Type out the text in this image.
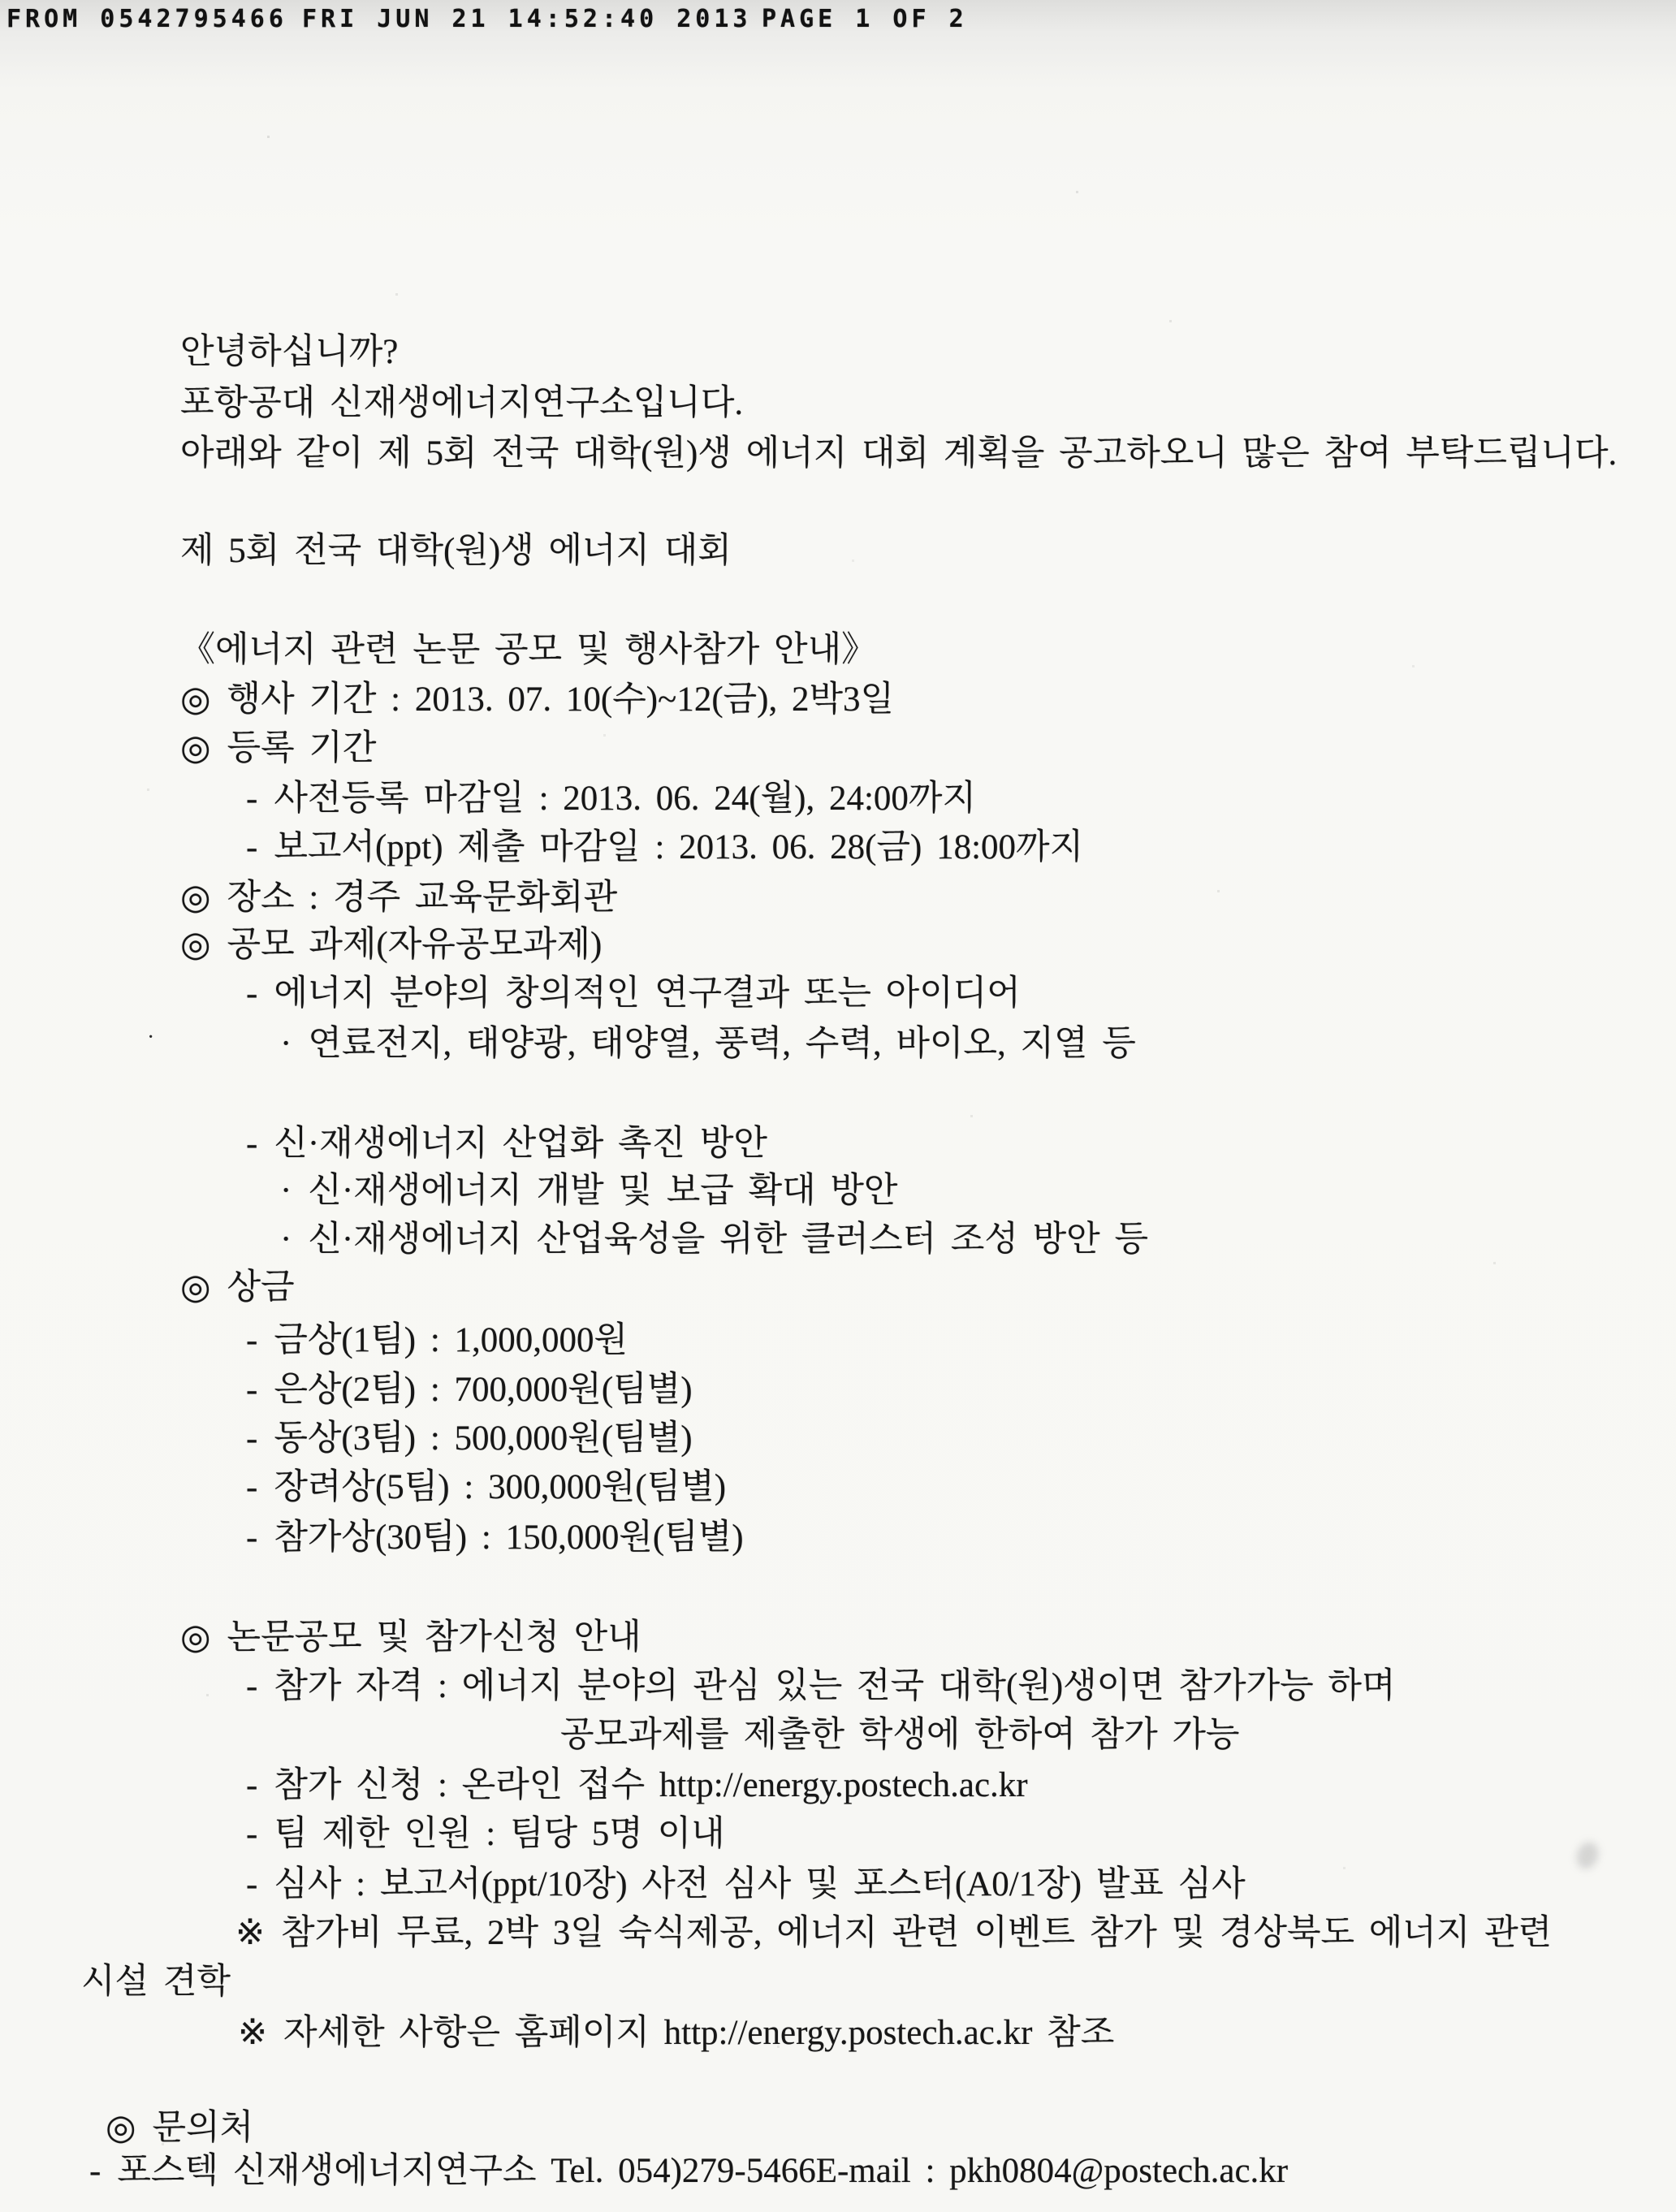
FROM 0542795466 FRI JUN 21 14:52:40 2013 PAGE 1 OF 2
안녕하십니까?
포항공대 신재생에너지연구소입니다.
아래와 같이 제 5회 전국 대학(원)생 에너지 대회 계획을 공고하오니 많은 참여 부탁드립니다.
제 5회 전국 대학(원)생 에너지 대회
《에너지 관련 논문 공모 및 행사참가 안내》
◎ 행사 기간 : 2013. 07. 10(수)~12(금), 2박3일
◎ 등록 기간
- 사전등록 마감일 : 2013. 06. 24(월), 24:00까지
- 보고서(ppt) 제출 마감일 : 2013. 06. 28(금) 18:00까지
◎ 장소 : 경주 교육문화회관
◎ 공모 과제(자유공모과제)
- 에너지 분야의 창의적인 연구결과 또는 아이디어
· 연료전지, 태양광, 태양열, 풍력, 수력, 바이오, 지열 등
- 신·재생에너지 산업화 촉진 방안
· 신·재생에너지 개발 및 보급 확대 방안
· 신·재생에너지 산업육성을 위한 클러스터 조성 방안 등
◎ 상금
- 금상(1팀) : 1,000,000원
- 은상(2팀) : 700,000원(팀별)
- 동상(3팀) : 500,000원(팀별)
- 장려상(5팀) : 300,000원(팀별)
- 참가상(30팀) : 150,000원(팀별)
◎ 논문공모 및 참가신청 안내
- 참가 자격 : 에너지 분야의 관심 있는 전국 대학(원)생이면 참가가능 하며
공모과제를 제출한 학생에 한하여 참가 가능
- 참가 신청 : 온라인 접수 http://energy.postech.ac.kr
- 팀 제한 인원 : 팀당 5명 이내
- 심사 : 보고서(ppt/10장) 사전 심사 및 포스터(A0/1장) 발표 심사
※ 참가비 무료, 2박 3일 숙식제공, 에너지 관련 이벤트 참가 및 경상북도 에너지 관련
시설 견학
※ 자세한 사항은 홈페이지 http://energy.postech.ac.kr 참조
◎ 문의처
- 포스텍 신재생에너지연구소 Tel. 054)279-5466E-mail : pkh0804@postech.ac.kr
·
